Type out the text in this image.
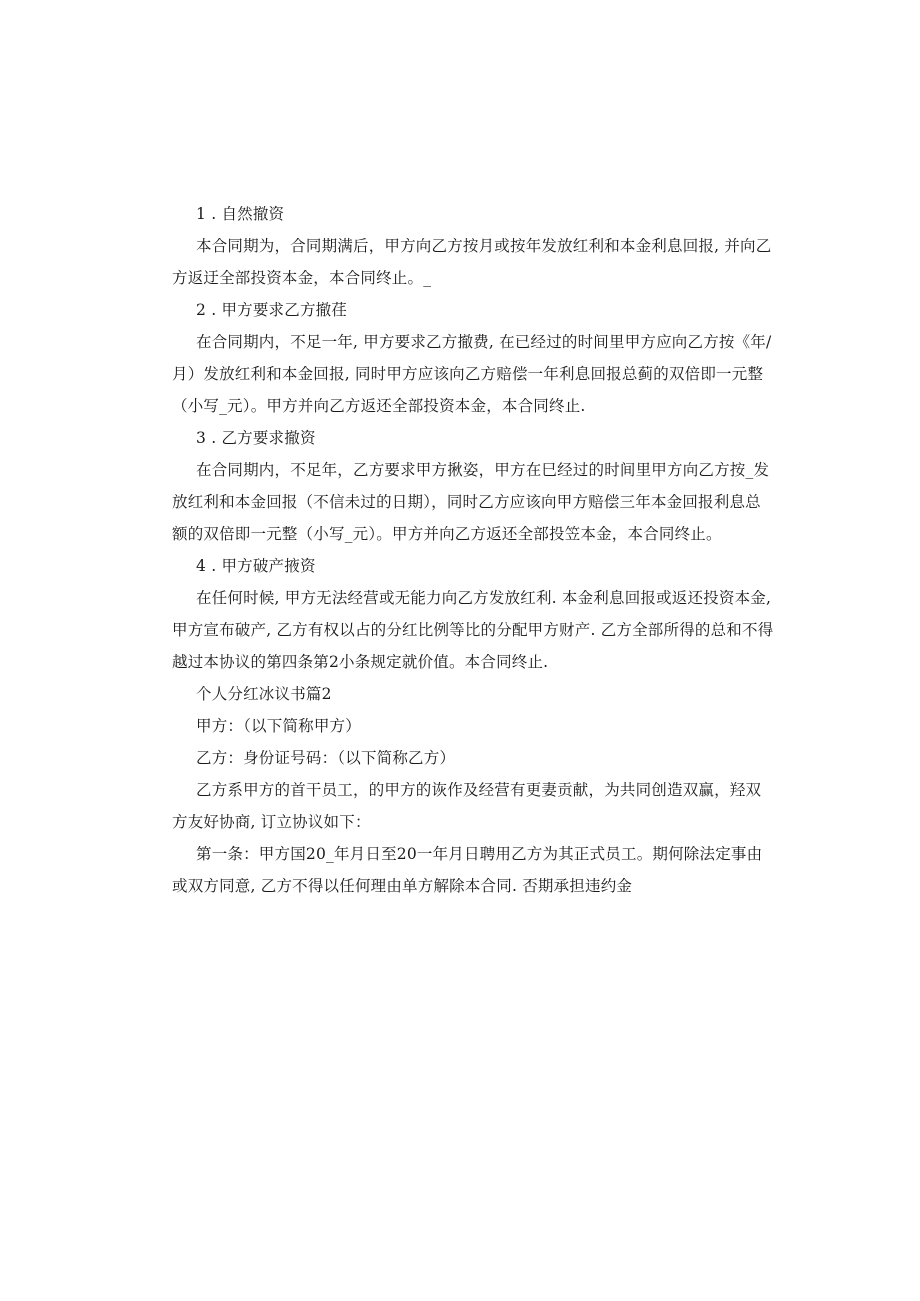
1 . 自然撤资
本合同期为，合同期满后，甲方向乙方按月或按年发放红利和本金利息回报, 并向乙
方返迂全部投资本金，本合同终止。_
2 . 甲方要求乙方撤荏
在合同期内，不足一年, 甲方要求乙方撤费, 在已经过的时间里甲方应向乙方按《年/
月）发放红利和本金回报, 同时甲方应该向乙方赔偿一年利息回报总蓟的双倍即一元整
（小写_元）。甲方并向乙方返还全部投资本金，本合同终止.
3 . 乙方要求撤资
在合同期内，不足年，乙方要求甲方揪姿，甲方在巳经过的时间里甲方向乙方按_发
放红利和本金回报（不信未过的日期），同时乙方应该向甲方赔偿三年本金回报利息总
额的双倍即一元整（小写_元）。甲方并向乙方返还全部投笠本金，本合同终止。
4 . 甲方破产掖资
在任何时候, 甲方无法经营或无能力向乙方发放红利. 本金利息回报或返还投资本金,
甲方宣布破产, 乙方有权以占的分红比例等比的分配甲方财产. 乙方全部所得的总和不得
越过本协议的第四条第2小条规定就价值。本合同终止.
个人分红冰议书篇2
甲方：（以下简称甲方）
乙方：身份证号码：（以下简称乙方）
乙方系甲方的首干员工，的甲方的诙作及经营有更妻贡献，为共同创造双赢，羟双
方友好协商, 订立协议如下：
第一条：甲方国20_年月日至20一年月日聘用乙方为其正式员工。期何除法定事由
或双方同意, 乙方不得以任何理由单方解除本合同. 否期承担违约金
